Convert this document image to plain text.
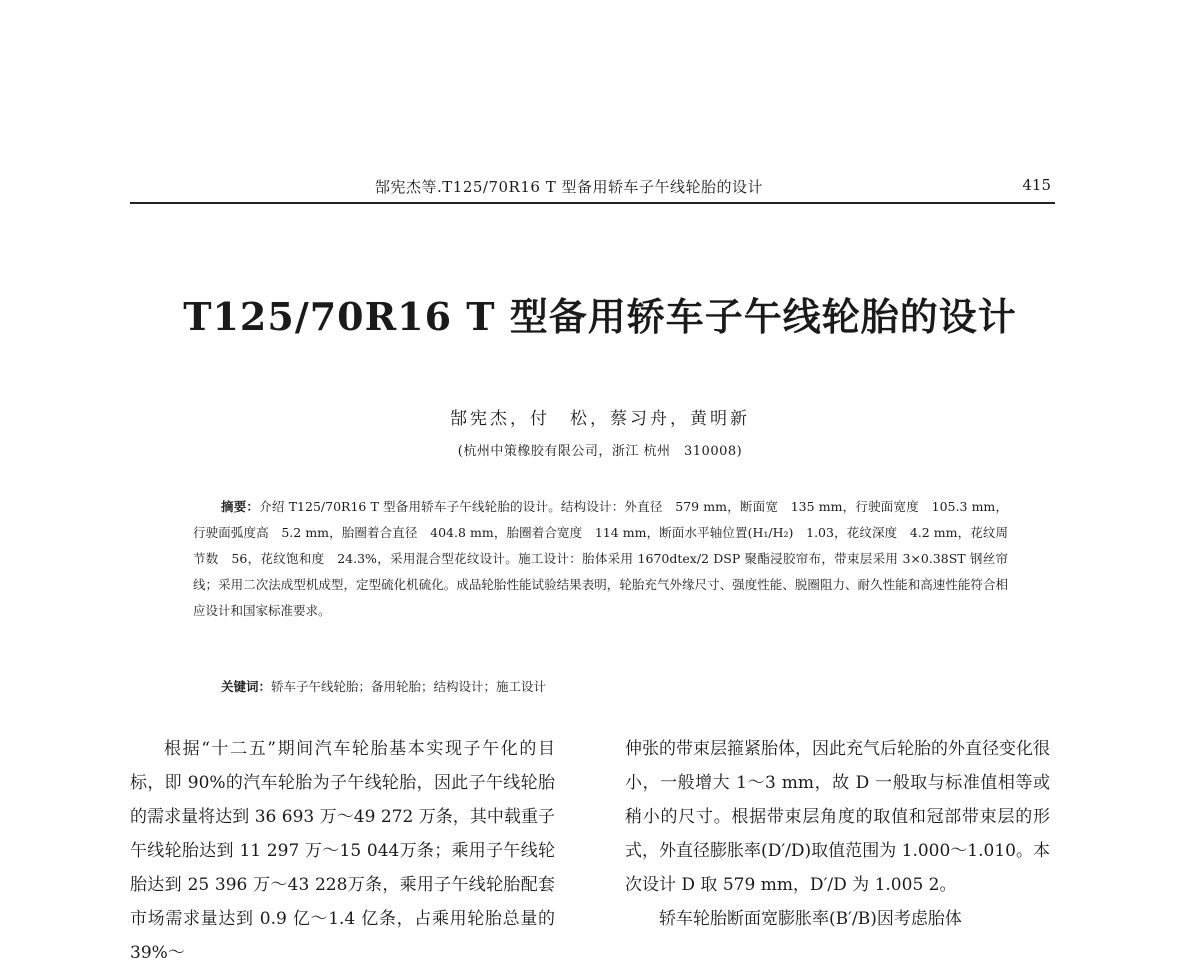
郜宪杰等.T125/70R16 T 型备用轿车子午线轮胎的设计	415
T125/70R16 T 型备用轿车子午线轮胎的设计
郜宪杰，付　松，蔡习舟，黄明新
(杭州中策橡胶有限公司，浙江 杭州　310008)
摘要：介绍 T125/70R16 T 型备用轿车子午线轮胎的设计。结构设计：外直径　579 mm，断面宽　135 mm，行驶面宽度　105.3 mm，行驶面弧度高　5.2 mm，胎圈着合直径　404.8 mm，胎圈着合宽度　114 mm，断面水平轴位置(H₁/H₂)　1.03，花纹深度　4.2 mm，花纹周节数　56，花纹饱和度　24.3%，采用混合型花纹设计。施工设计：胎体采用 1670dtex/2 DSP 聚酯浸胶帘布，带束层采用 3×0.38ST 钢丝帘线；采用二次法成型机成型，定型硫化机硫化。成品轮胎性能试验结果表明，轮胎充气外缘尺寸、强度性能、脱圈阻力、耐久性能和高速性能符合相应设计和国家标准要求。
关键词：轿车子午线轮胎；备用轮胎；结构设计；施工设计

根据“十二五”期间汽车轮胎基本实现子午化的目标，即 90%的汽车轮胎为子午线轮胎，因此子午线轮胎的需求量将达到 36 693 万～49 272 万条，其中载重子午线轮胎达到 11 297 万～15 044万条；乘用子午线轮胎达到 25 396 万～43 228万条，乘用子午线轮胎配套市场需求量达到 0.9 亿～1.4 亿条，占乘用轮胎总量的 39%～

伸张的带束层箍紧胎体，因此充气后轮胎的外直径变化很小，一般增大 1～3 mm，故 D 一般取与标准值相等或稍小的尺寸。根据带束层角度的取值和冠部带束层的形式，外直径膨胀率(D′/D)取值范围为 1.000～1.010。本次设计 D 取 579 mm，D′/D 为 1.005 2。

轿车轮胎断面宽膨胀率(B′/B)因考虑胎体
